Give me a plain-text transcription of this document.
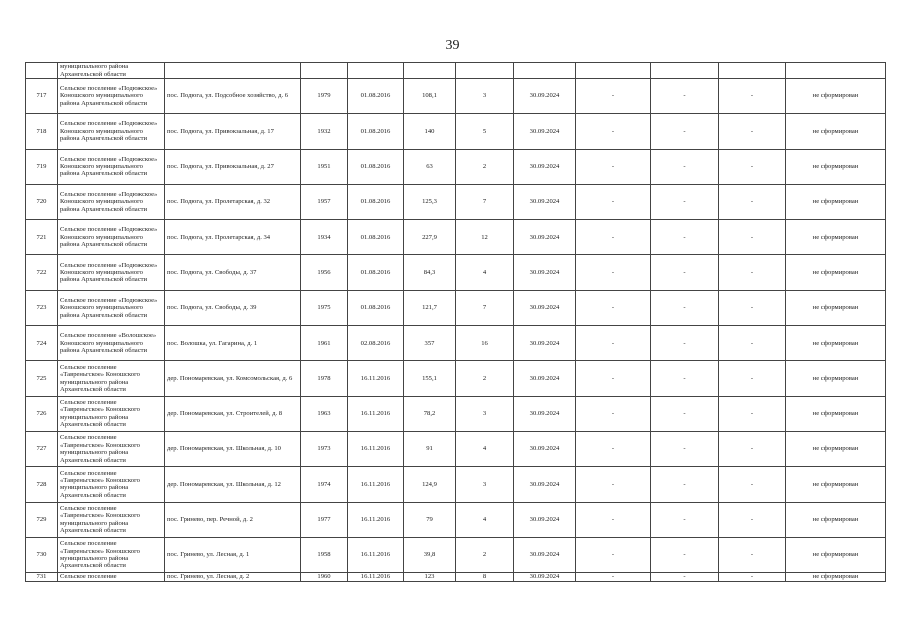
39
	муниципального района Архангельской области										
717	Сельское поселение «Подюжское» Коношского муниципального района Архангельской области	пос. Подюга, ул. Подсобное хозяйство, д. 6	1979	01.08.2016	108,1	3	30.09.2024	-	-	-	не сформирован
718	Сельское поселение «Подюжское» Коношского муниципального района Архангельской области	пос. Подюга, ул. Привокзальная, д. 17	1932	01.08.2016	140	5	30.09.2024	-	-	-	не сформирован
719	Сельское поселение «Подюжское» Коношского муниципального района Архангельской области	пос. Подюга, ул. Привокзальная, д. 27	1951	01.08.2016	63	2	30.09.2024	-	-	-	не сформирован
720	Сельское поселение «Подюжское» Коношского муниципального района Архангельской области	пос. Подюга, ул. Пролетарская, д. 32	1957	01.08.2016	125,3	7	30.09.2024	-	-	-	не сформирован
721	Сельское поселение «Подюжское» Коношского муниципального района Архангельской области	пос. Подюга, ул. Пролетарская, д. 34	1934	01.08.2016	227,9	12	30.09.2024	-	-	-	не сформирован
722	Сельское поселение «Подюжское» Коношского муниципального района Архангельской области	пос. Подюга, ул. Свободы, д. 37	1956	01.08.2016	84,3	4	30.09.2024	-	-	-	не сформирован
723	Сельское поселение «Подюжское» Коношского муниципального района Архангельской области	пос. Подюга, ул. Свободы, д. 39	1975	01.08.2016	121,7	7	30.09.2024	-	-	-	не сформирован
724	Сельское поселение «Волошское» Коношского муниципального района Архангельской области	пос. Волошка, ул. Гагарина, д. 1	1961	02.08.2016	357	16	30.09.2024	-	-	-	не сформирован
725	Сельское поселение «Тавреньгское» Коношского муниципального района Архангельской области	дер. Пономаревская, ул. Комсомольская, д. 6	1978	16.11.2016	155,1	2	30.09.2024	-	-	-	не сформирован
726	Сельское поселение «Тавреньгское» Коношского муниципального района Архангельской области	дер. Пономаревская, ул. Строителей, д. 8	1963	16.11.2016	78,2	3	30.09.2024	-	-	-	не сформирован
727	Сельское поселение «Тавреньгское» Коношского муниципального района Архангельской области	дер. Пономаревская, ул. Школьная, д. 10	1973	16.11.2016	91	4	30.09.2024	-	-	-	не сформирован
728	Сельское поселение «Тавреньгское» Коношского муниципального района Архангельской области	дер. Пономаревская, ул. Школьная, д. 12	1974	16.11.2016	124,9	3	30.09.2024	-	-	-	не сформирован
729	Сельское поселение «Тавреньгское» Коношского муниципального района Архангельской области	пос. Гринево, пер. Речной, д. 2	1977	16.11.2016	79	4	30.09.2024	-	-	-	не сформирован
730	Сельское поселение «Тавреньгское» Коношского муниципального района Архангельской области	пос. Гринево, ул. Лесная, д. 1	1958	16.11.2016	39,8	2	30.09.2024	-	-	-	не сформирован
731	Сельское поселение	пос. Гринево, ул. Лесная, д. 2	1960	16.11.2016	123	8	30.09.2024	-	-	-	не сформирован
